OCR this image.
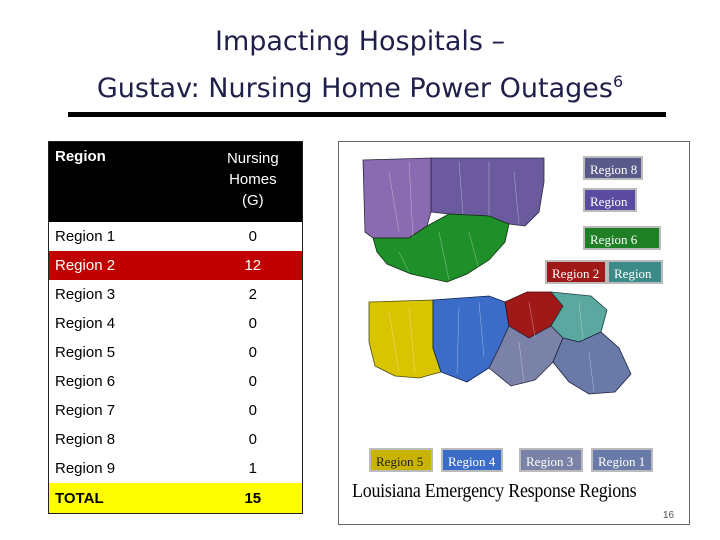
Impacting Hospitals –
Gustav: Nursing Home Power Outages$^6$
Region	Nursing
Homes
(G)

Region 1	0
Region 2	12
Region 3	2
Region 4	0
Region 5	0
Region 6	0
Region 7	0
Region 8	0
Region 9	1
TOTAL	15
Region 8
Region
Region 6
Region 2	Region 9
Region 5	Region 4	Region 3	Region 1
Louisiana Emergency Response Regions
16
